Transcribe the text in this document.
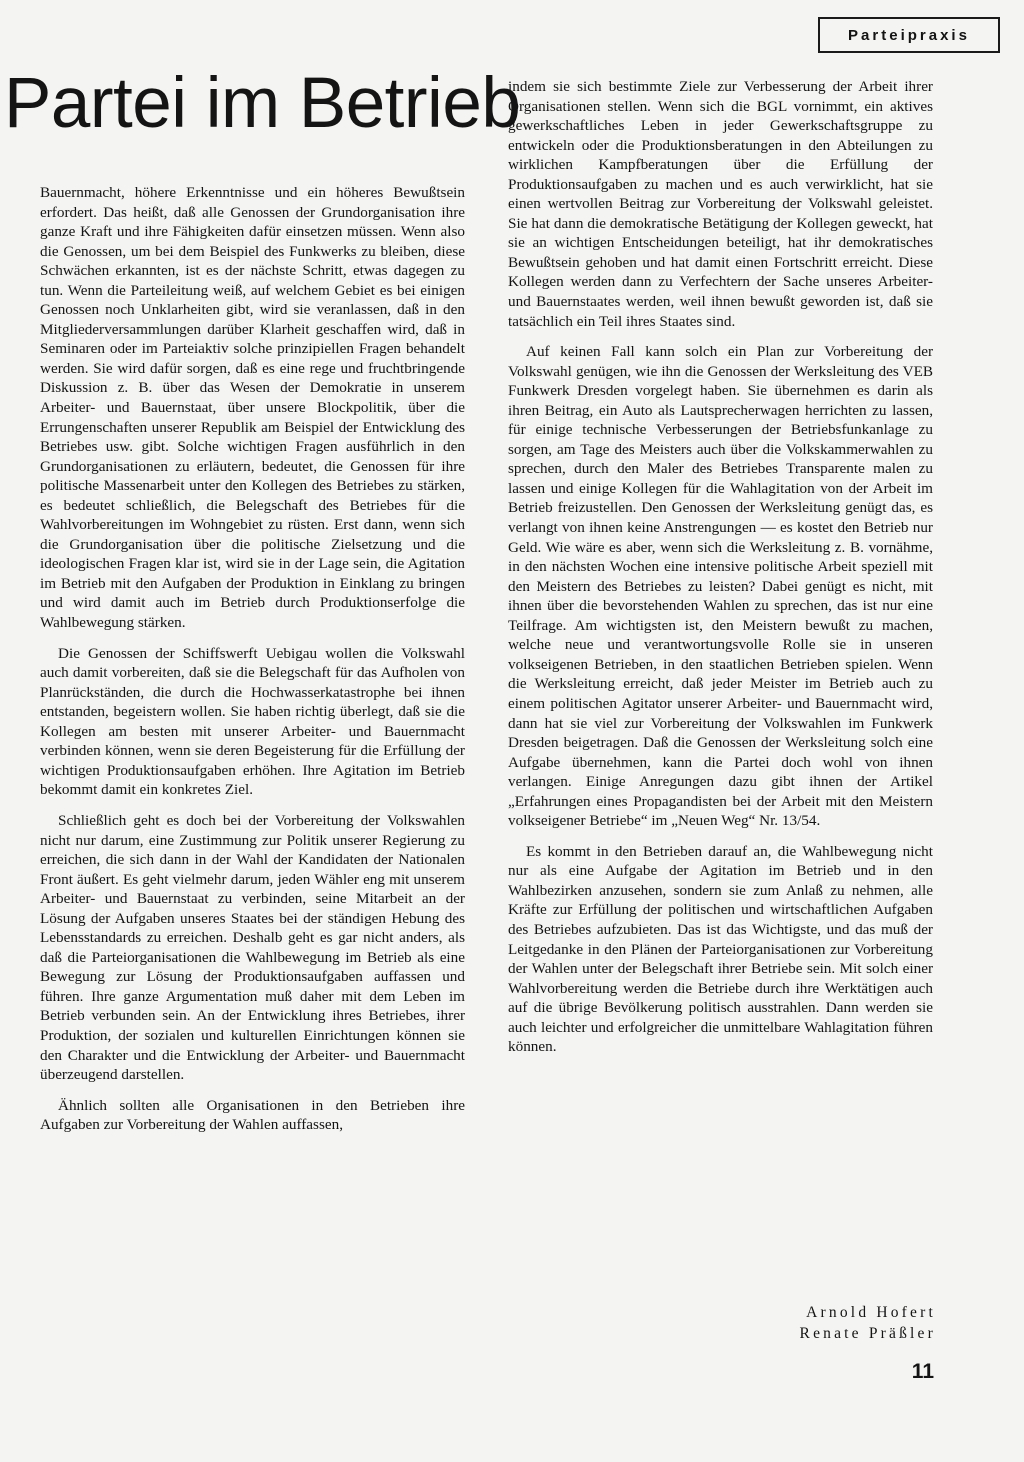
Parteipraxis
Partei im Betrieb

Bauernmacht, höhere Erkenntnisse und ein höheres Bewußtsein erfordert. Das heißt, daß alle Genossen der Grundorganisation ihre ganze Kraft und ihre Fähigkeiten dafür einsetzen müssen. Wenn also die Genossen, um bei dem Beispiel des Funkwerks zu bleiben, diese Schwächen erkannten, ist es der nächste Schritt, etwas dagegen zu tun. Wenn die Parteileitung weiß, auf welchem Gebiet es bei einigen Genossen noch Unklarheiten gibt, wird sie veranlassen, daß in den Mitgliederversammlungen darüber Klarheit geschaffen wird, daß in Seminaren oder im Parteiaktiv solche prinzipiellen Fragen behandelt werden. Sie wird dafür sorgen, daß es eine rege und fruchtbringende Diskussion z. B. über das Wesen der Demokratie in unserem Arbeiter- und Bauernstaat, über unsere Blockpolitik, über die Errungenschaften unserer Republik am Beispiel der Entwicklung des Betriebes usw. gibt. Solche wichtigen Fragen ausführlich in den Grundorganisationen zu erläutern, bedeutet, die Genossen für ihre politische Massenarbeit unter den Kollegen des Betriebes zu stärken, es bedeutet schließlich, die Belegschaft des Betriebes für die Wahlvorbereitungen im Wohngebiet zu rüsten. Erst dann, wenn sich die Grundorganisation über die politische Zielsetzung und die ideologischen Fragen klar ist, wird sie in der Lage sein, die Agitation im Betrieb mit den Aufgaben der Produktion in Einklang zu bringen und wird damit auch im Betrieb durch Produktionserfolge die Wahlbewegung stärken.

Die Genossen der Schiffswerft Uebigau wollen die Volkswahl auch damit vorbereiten, daß sie die Belegschaft für das Aufholen von Planrückständen, die durch die Hochwasserkatastrophe bei ihnen entstanden, begeistern wollen. Sie haben richtig überlegt, daß sie die Kollegen am besten mit unserer Arbeiter- und Bauernmacht verbinden können, wenn sie deren Begeisterung für die Erfüllung der wichtigen Produktionsaufgaben erhöhen. Ihre Agitation im Betrieb bekommt damit ein konkretes Ziel.

Schließlich geht es doch bei der Vorbereitung der Volkswahlen nicht nur darum, eine Zustimmung zur Politik unserer Regierung zu erreichen, die sich dann in der Wahl der Kandidaten der Nationalen Front äußert. Es geht vielmehr darum, jeden Wähler eng mit unserem Arbeiter- und Bauernstaat zu verbinden, seine Mitarbeit an der Lösung der Aufgaben unseres Staates bei der ständigen Hebung des Lebensstandards zu erreichen. Deshalb geht es gar nicht anders, als daß die Parteiorganisationen die Wahlbewegung im Betrieb als eine Bewegung zur Lösung der Produktionsaufgaben auffassen und führen. Ihre ganze Argumentation muß daher mit dem Leben im Betrieb verbunden sein. An der Entwicklung ihres Betriebes, ihrer Produktion, der sozialen und kulturellen Einrichtungen können sie den Charakter und die Entwicklung der Arbeiter- und Bauernmacht überzeugend darstellen.

Ähnlich sollten alle Organisationen in den Betrieben ihre Aufgaben zur Vorbereitung der Wahlen auffassen,

indem sie sich bestimmte Ziele zur Verbesserung der Arbeit ihrer Organisationen stellen. Wenn sich die BGL vornimmt, ein aktives gewerkschaftliches Leben in jeder Gewerkschaftsgruppe zu entwickeln oder die Produktionsberatungen in den Abteilungen zu wirklichen Kampfberatungen über die Erfüllung der Produktionsaufgaben zu machen und es auch verwirklicht, hat sie einen wertvollen Beitrag zur Vorbereitung der Volkswahl geleistet. Sie hat dann die demokratische Betätigung der Kollegen geweckt, hat sie an wichtigen Entscheidungen beteiligt, hat ihr demokratisches Bewußtsein gehoben und hat damit einen Fortschritt erreicht. Diese Kollegen werden dann zu Verfechtern der Sache unseres Arbeiter- und Bauernstaates werden, weil ihnen bewußt geworden ist, daß sie tatsächlich ein Teil ihres Staates sind.

Auf keinen Fall kann solch ein Plan zur Vorbereitung der Volkswahl genügen, wie ihn die Genossen der Werksleitung des VEB Funkwerk Dresden vorgelegt haben. Sie übernehmen es darin als ihren Beitrag, ein Auto als Lautsprecherwagen herrichten zu lassen, für einige technische Verbesserungen der Betriebsfunkanlage zu sorgen, am Tage des Meisters auch über die Volkskammerwahlen zu sprechen, durch den Maler des Betriebes Transparente malen zu lassen und einige Kollegen für die Wahlagitation von der Arbeit im Betrieb freizustellen. Den Genossen der Werksleitung genügt das, es verlangt von ihnen keine Anstrengungen — es kostet den Betrieb nur Geld. Wie wäre es aber, wenn sich die Werksleitung z. B. vornähme, in den nächsten Wochen eine intensive politische Arbeit speziell mit den Meistern des Betriebes zu leisten? Dabei genügt es nicht, mit ihnen über die bevorstehenden Wahlen zu sprechen, das ist nur eine Teilfrage. Am wichtigsten ist, den Meistern bewußt zu machen, welche neue und verantwortungsvolle Rolle sie in unseren volkseigenen Betrieben, in den staatlichen Betrieben spielen. Wenn die Werksleitung erreicht, daß jeder Meister im Betrieb auch zu einem politischen Agitator unserer Arbeiter- und Bauernmacht wird, dann hat sie viel zur Vorbereitung der Volkswahlen im Funkwerk Dresden beigetragen. Daß die Genossen der Werksleitung solch eine Aufgabe übernehmen, kann die Partei doch wohl von ihnen verlangen. Einige Anregungen dazu gibt ihnen der Artikel „Erfahrungen eines Propagandisten bei der Arbeit mit den Meistern volkseigener Betriebe“ im „Neuen Weg“ Nr. 13/54.

Es kommt in den Betrieben darauf an, die Wahlbewegung nicht nur als eine Aufgabe der Agitation im Betrieb und in den Wahlbezirken anzusehen, sondern sie zum Anlaß zu nehmen, alle Kräfte zur Erfüllung der politischen und wirtschaftlichen Aufgaben des Betriebes aufzubieten. Das ist das Wichtigste, und das muß der Leitgedanke in den Plänen der Parteiorganisationen zur Vorbereitung der Wahlen unter der Belegschaft ihrer Betriebe sein. Mit solch einer Wahlvorbereitung werden die Betriebe durch ihre Werktätigen auch auf die übrige Bevölkerung politisch ausstrahlen. Dann werden sie auch leichter und erfolgreicher die unmittelbare Wahlagitation führen können.

Arnold Hofert
Renate Präßler
11
